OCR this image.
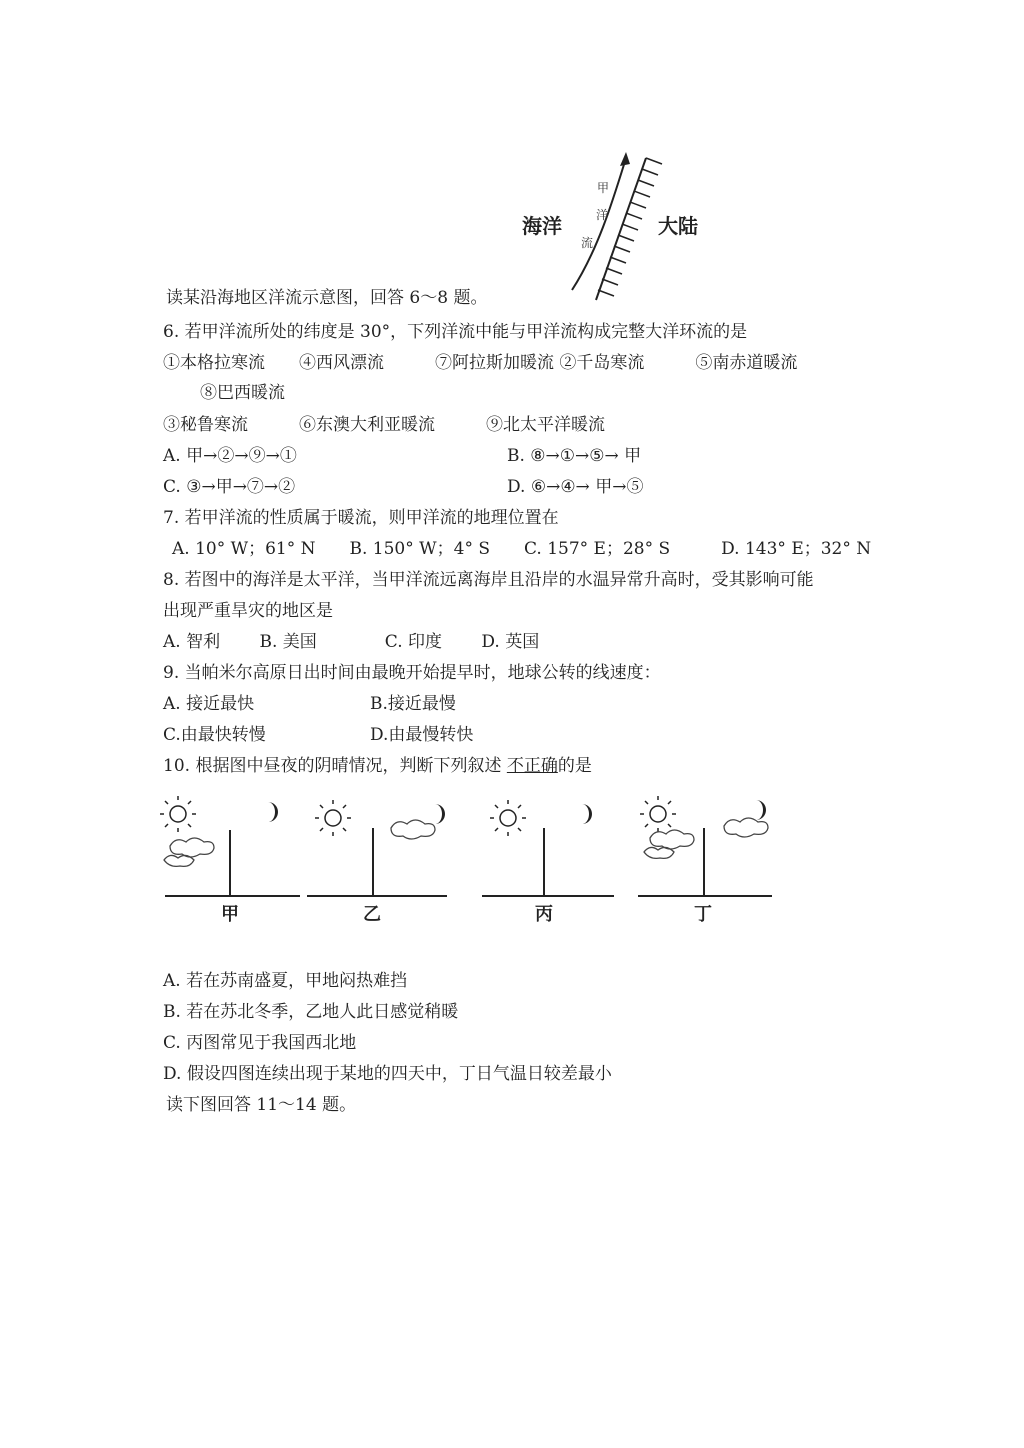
海洋	大陆
甲
洋
流
读某沿海地区洋流示意图，回答 6～8 题。
6. 若甲洋流所处的纬度是 30°，下列洋流中能与甲洋流构成完整大洋环流的是
①本格拉寒流　　④西风漂流　　　⑦阿拉斯加暖流 ②千岛寒流　　　⑤南赤道暖流
⑧巴西暖流
③秘鲁寒流　　　⑥东澳大利亚暖流　　　⑨北太平洋暖流
A. 甲→②→⑨→①	B. ⑧→①→⑤→ 甲
C. ③→甲→⑦→②	D. ⑥→④→ 甲→⑤
7. 若甲洋流的性质属于暖流，则甲洋流的地理位置在
A. 10° W；61° N　　B. 150° W；4° S　　C. 157° E；28° S　　　D. 143° E；32° N
8. 若图中的海洋是太平洋，当甲洋流远离海岸且沿岸的水温异常升高时，受其影响可能
出现严重旱灾的地区是
A. 智利　　 B. 美国　　　　C. 印度　　 D. 英国
9. 当帕米尔高原日出时间由最晚开始提早时，地球公转的线速度：
A. 接近最快	B.接近最慢
C.由最快转慢	D.由最慢转快
10. 根据图中昼夜的阴晴情况，判断下列叙述 不正确的是
甲	乙	丙	丁
A. 若在苏南盛夏，甲地闷热难挡
B. 若在苏北冬季，乙地人此日感觉稍暖
C. 丙图常见于我国西北地
D. 假设四图连续出现于某地的四天中，丁日气温日较差最小
读下图回答 11～14 题。
